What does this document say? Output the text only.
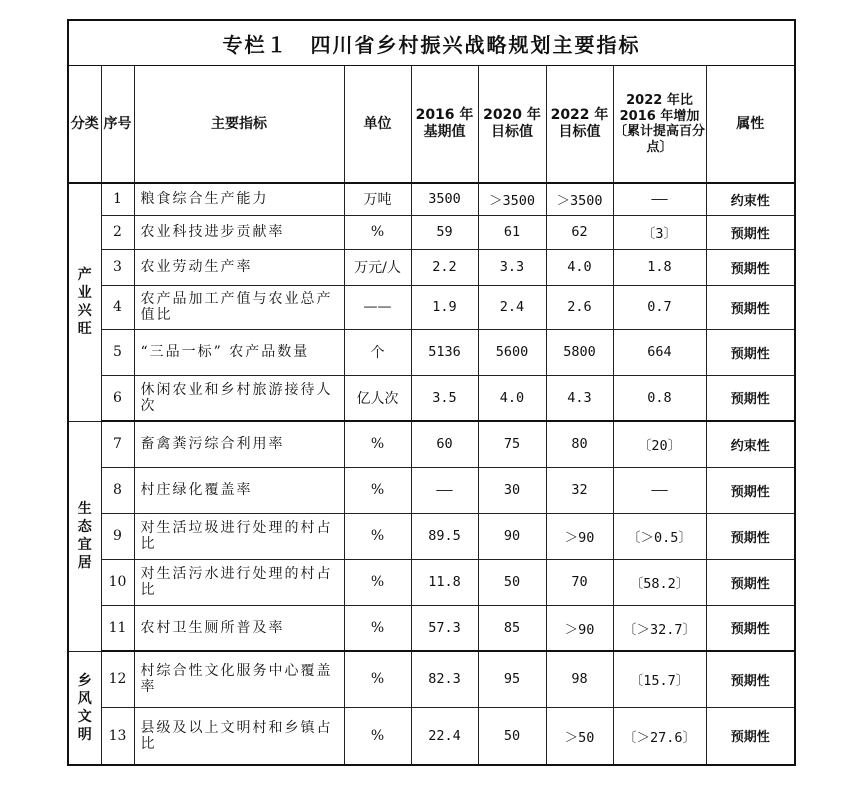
专栏１　四川省乡村振兴战略规划主要指标								
分类	序号	主要指标	单位	2016 年基期值	2020 年目标值	2022 年目标值	2022 年比 2016 年增加〔累计提高百分点〕	属性
产业兴旺	1	粮食综合生产能力	万吨	3500	＞3500	＞3500	——	约束性
	2	农业科技进步贡献率	%	59	61	62	〔3〕	预期性
	3	农业劳动生产率	万元/人	2.2	3.3	4.0	1.8	预期性
	4	农产品加工产值与农业总产值比	——	1.9	2.4	2.6	0.7	预期性
	5	“三品一标” 农产品数量	个	5136	5600	5800	664	预期性
	6	休闲农业和乡村旅游接待人次	亿人次	3.5	4.0	4.3	0.8	预期性
生态宜居	7	畜禽粪污综合利用率	%	60	75	80	〔20〕	约束性
	8	村庄绿化覆盖率	%	——	30	32	——	预期性
	9	对生活垃圾进行处理的村占比	%	89.5	90	＞90	〔＞0.5〕	预期性
	10	对生活污水进行处理的村占比	%	11.8	50	70	〔58.2〕	预期性
	11	农村卫生厕所普及率	%	57.3	85	＞90	〔＞32.7〕	预期性
乡风文明	12	村综合性文化服务中心覆盖率	%	82.3	95	98	〔15.7〕	预期性
	13	县级及以上文明村和乡镇占比	%	22.4	50	＞50	〔＞27.6〕	预期性
